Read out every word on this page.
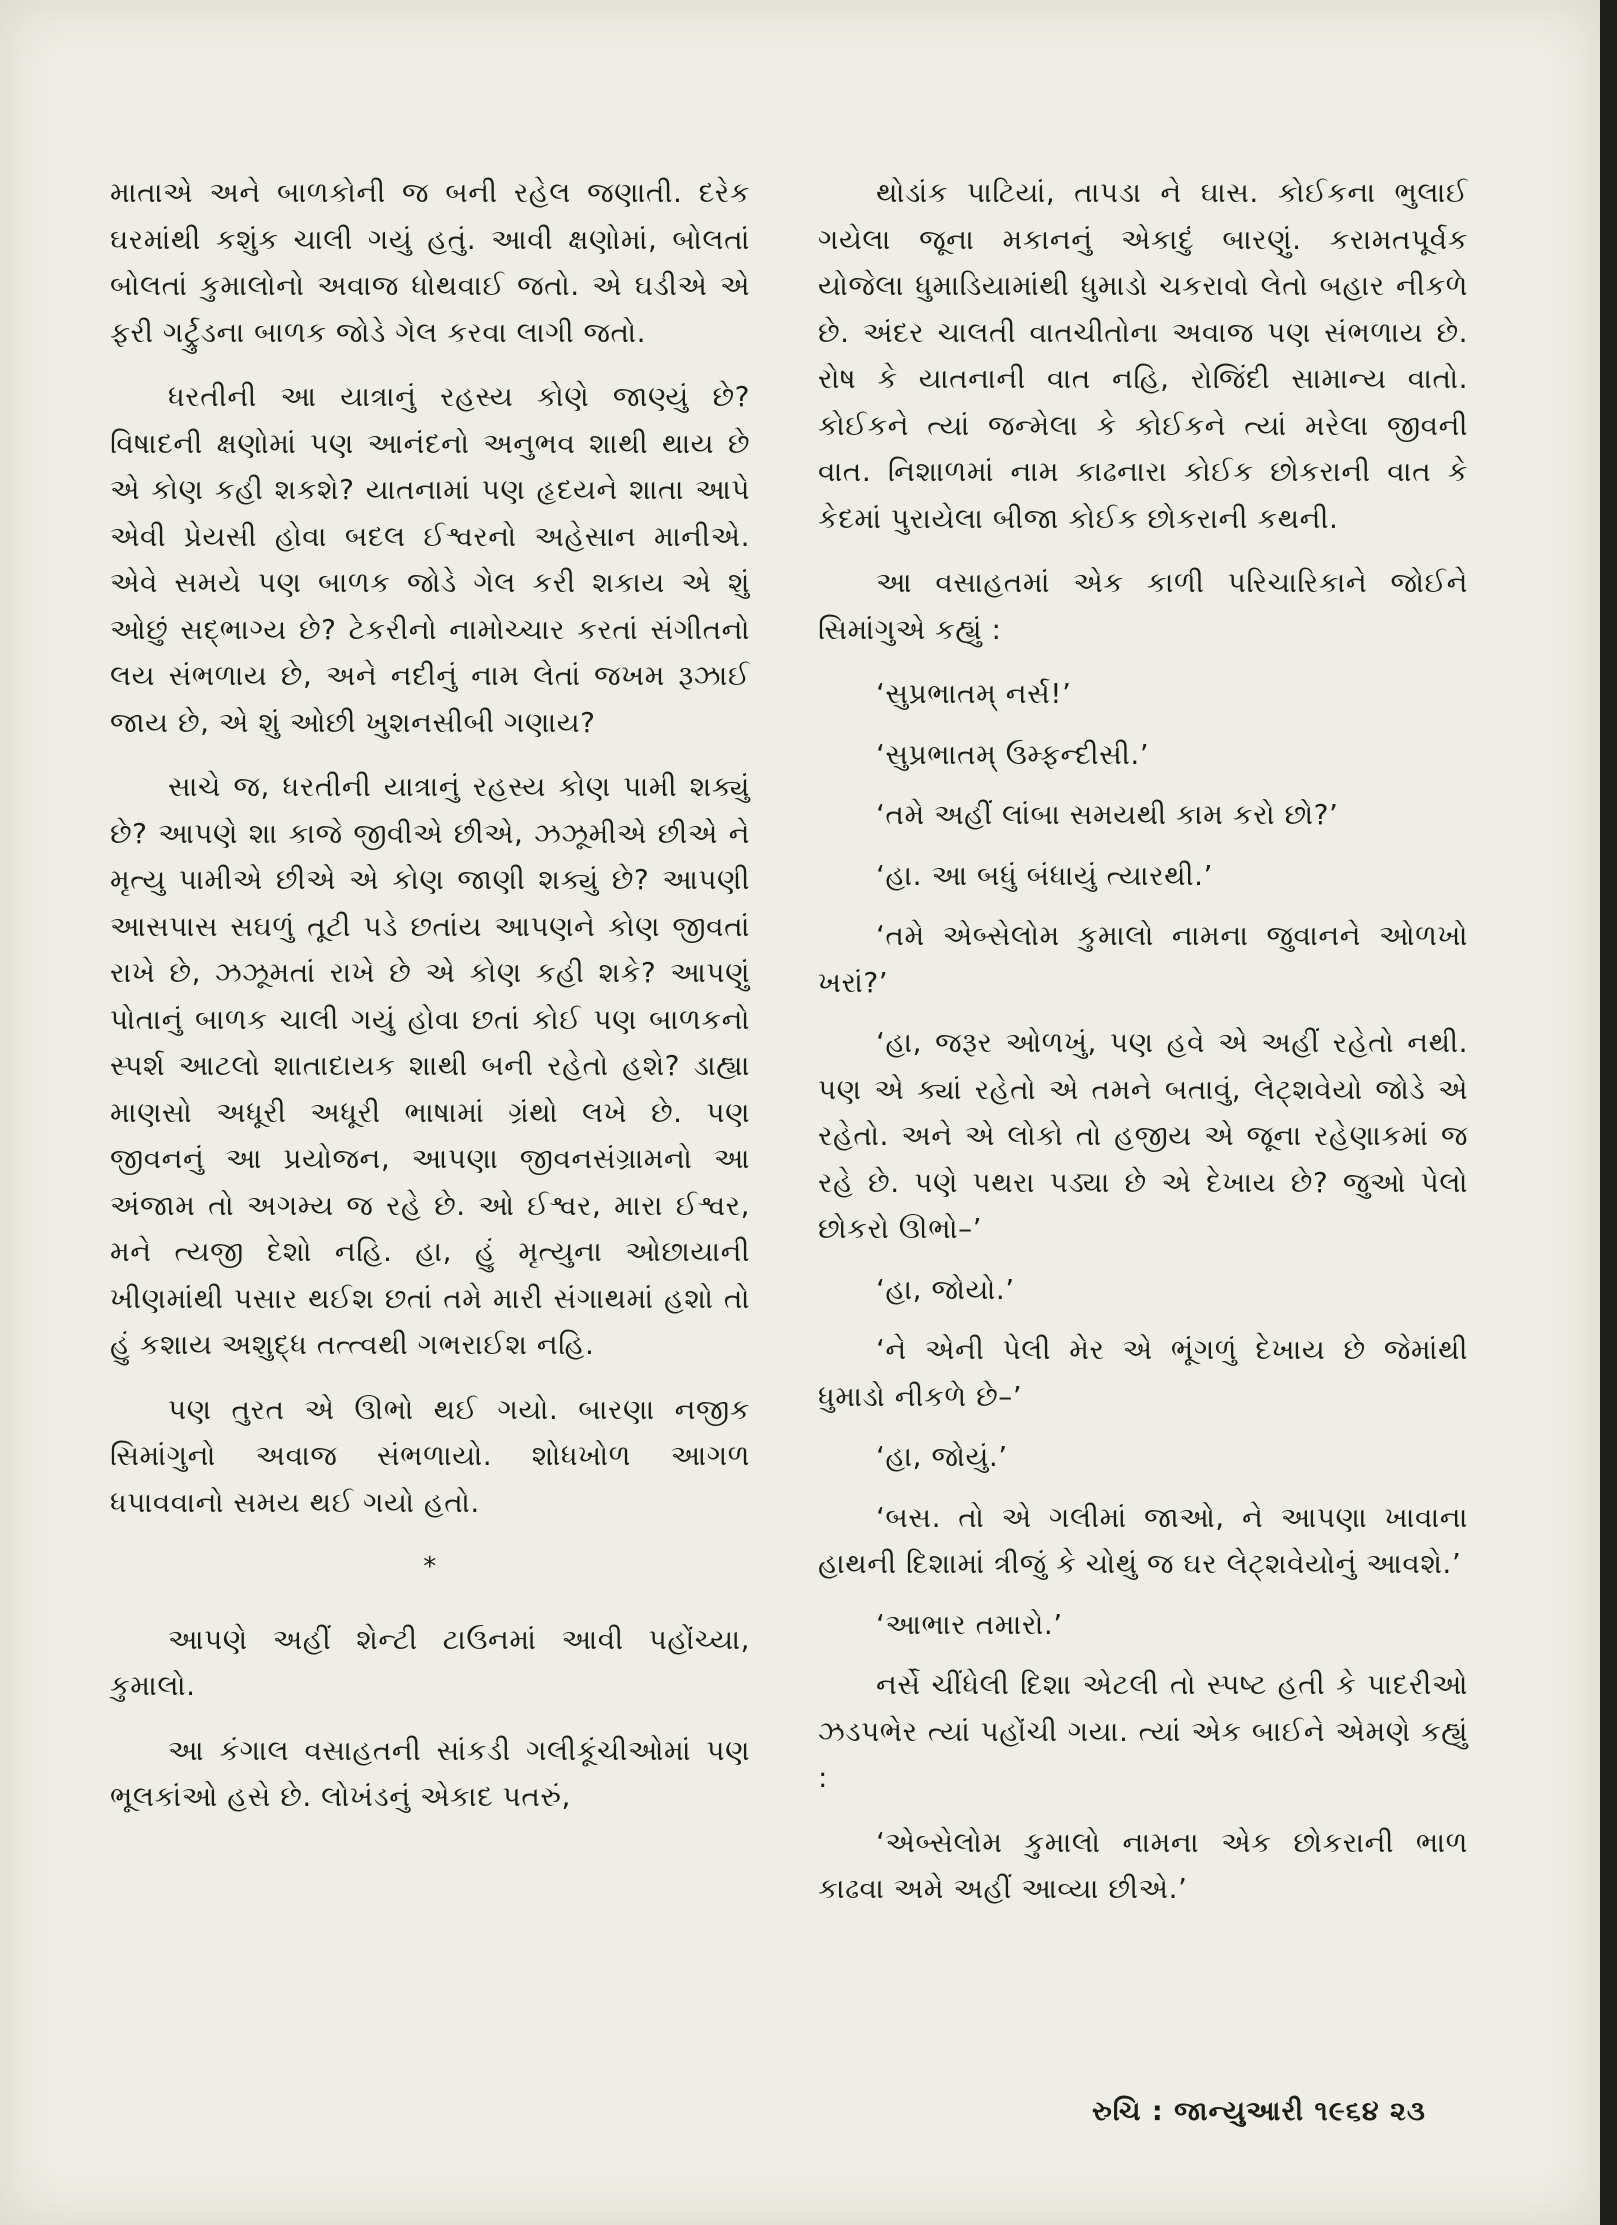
માતાએ અને બાળકોની જ બની રહેલ જણાતી. દરેક ઘરમાંથી કશુંક ચાલી ગયું હતું. આવી ક્ષણોમાં, બોલતાં બોલતાં કુમાલોનો અવાજ ધોથવાઈ જતો. એ ઘડીએ એ ફરી ગર્ટ્રુડના બાળક જોડે ગેલ કરવા લાગી જતો.

ધરતીની આ યાત્રાનું રહસ્ય કોણે જાણ્યું છે? વિષાદની ક્ષણોમાં પણ આનંદનો અનુભવ શાથી થાય છે એ કોણ કહી શકશે? યાતનામાં પણ હૃદયને શાતા આપે એવી પ્રેયસી હોવા બદલ ઈશ્વરનો અહેસાન માનીએ. એવે સમયે પણ બાળક જોડે ગેલ કરી શકાય એ શું ઓછું સદ્ભાગ્ય છે? ટેકરીનો નામોચ્ચાર કરતાં સંગીતનો લય સંભળાય છે, અને નદીનું નામ લેતાં જખમ રૂઝાઈ જાય છે, એ શું ઓછી ખુશનસીબી ગણાય?

સાચે જ, ધરતીની યાત્રાનું રહસ્ય કોણ પામી શક્યું છે? આપણે શા કાજે જીવીએ છીએ, ઝઝૂમીએ છીએ ને મૃત્યુ પામીએ છીએ એ કોણ જાણી શક્યું છે? આપણી આસપાસ સઘળું તૂટી પડે છતાંય આપણને કોણ જીવતાં રાખે છે, ઝઝૂમતાં રાખે છે એ કોણ કહી શકે? આપણું પોતાનું બાળક ચાલી ગયું હોવા છતાં કોઈ પણ બાળકનો સ્પર્શ આટલો શાતાદાયક શાથી બની રહેતો હશે? ડાહ્યા માણસો અધૂરી અધૂરી ભાષામાં ગ્રંથો લખે છે. પણ જીવનનું આ પ્રયોજન, આપણા જીવનસંગ્રામનો આ અંજામ તો અગમ્ય જ રહે છે. ઓ ઈશ્વર, મારા ઈશ્વર, મને ત્યજી દેશો નહિ. હા, હું મૃત્યુના ઓછાયાની ખીણમાંથી પસાર થઈશ છતાં તમે મારી સંગાથમાં હશો તો હું કશાય અશુદ્ધ તત્ત્વથી ગભરાઈશ નહિ.

પણ તુરત એ ઊભો થઈ ગયો. બારણા નજીક સિમાંગુનો અવાજ સંભળાયો. શોધખોળ આગળ ધપાવવાનો સમય થઈ ગયો હતો.

*

આપણે અહીં શેન્ટી ટાઉનમાં આવી પહોંચ્યા, કુમાલો.

આ કંગાલ વસાહતની સાંકડી ગલીકૂંચીઓમાં પણ ભૂલકાંઓ હસે છે. લોખંડનું એકાદ પતરું,

થોડાંક પાટિયાં, તાપડા ને ઘાસ. કોઈકના ભુલાઈ ગયેલા જૂના મકાનનું એકાદું બારણું. કરામતપૂર્વક યોજેલા ધુમાડિયામાંથી ધુમાડો ચકરાવો લેતો બહાર નીકળે છે. અંદર ચાલતી વાતચીતોના અવાજ પણ સંભળાય છે. રોષ કે યાતનાની વાત નહિ, રોજિંદી સામાન્ય વાતો. કોઈકને ત્યાં જન્મેલા કે કોઈકને ત્યાં મરેલા જીવની વાત. નિશાળમાં નામ કાઢનારા કોઈક છોકરાની વાત કે કેદમાં પુરાયેલા બીજા કોઈક છોકરાની કથની.

આ વસાહતમાં એક કાળી પરિચારિકાને જોઈને સિમાંગુએ કહ્યું :

‘સુપ્રભાતમ્ નર્સ!’

‘સુપ્રભાતમ્ ઉમ્ફન્દીસી.’

‘તમે અહીં લાંબા સમયથી કામ કરો છો?’

‘હા. આ બધું બંધાયું ત્યારથી.’

‘તમે એબ્સેલોમ કુમાલો નામના જુવાનને ઓળખો ખરાં?’

‘હા, જરૂર ઓળખું, પણ હવે એ અહીં રહેતો નથી. પણ એ ક્યાં રહેતો એ તમને બતાવું, લેટ્શવેયો જોડે એ રહેતો. અને એ લોકો તો હજીય એ જૂના રહેણાકમાં જ રહે છે. પણે પથરા પડ્યા છે એ દેખાય છે? જુઓ પેલો છોકરો ઊભો–’

‘હા, જોયો.’

‘ને એની પેલી મેર એ ભૂંગળું દેખાય છે જેમાંથી ધુમાડો નીકળે છે–’

‘હા, જોયું.’

‘બસ. તો એ ગલીમાં જાઓ, ને આપણા ખાવાના હાથની દિશામાં ત્રીજું કે ચોથું જ ઘર લેટ્શવેયોનું આવશે.’

‘આભાર તમારો.’

નર્સે ચીંધેલી દિશા એટલી તો સ્પષ્ટ હતી કે પાદરીઓ ઝડપભેર ત્યાં પહોંચી ગયા. ત્યાં એક બાઈને એમણે કહ્યું :

‘એબ્સેલોમ કુમાલો નામના એક છોકરાની ભાળ કાઢવા અમે અહીં આવ્યા છીએ.’

રુચિ : જાન્યુઆરી ૧૯૬૪ ૨૩
